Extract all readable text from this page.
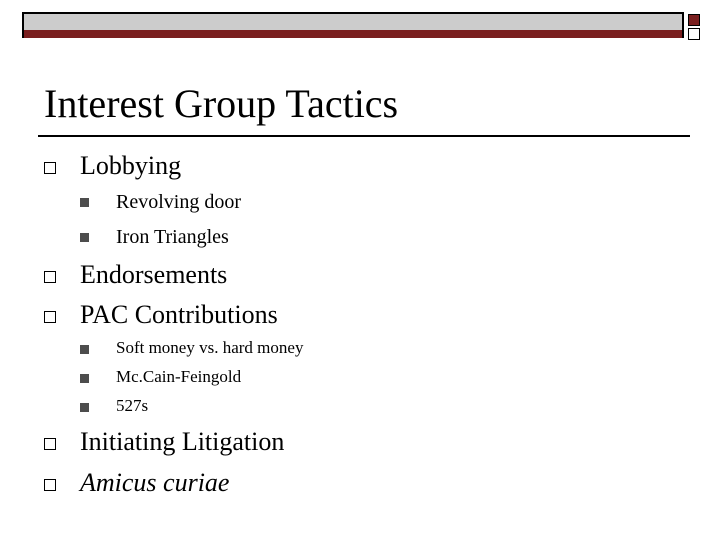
Interest Group Tactics
Lobbying
Revolving door
Iron Triangles
Endorsements
PAC Contributions
Soft money vs. hard money
Mc.Cain-Feingold
527s
Initiating Litigation
Amicus curiae
